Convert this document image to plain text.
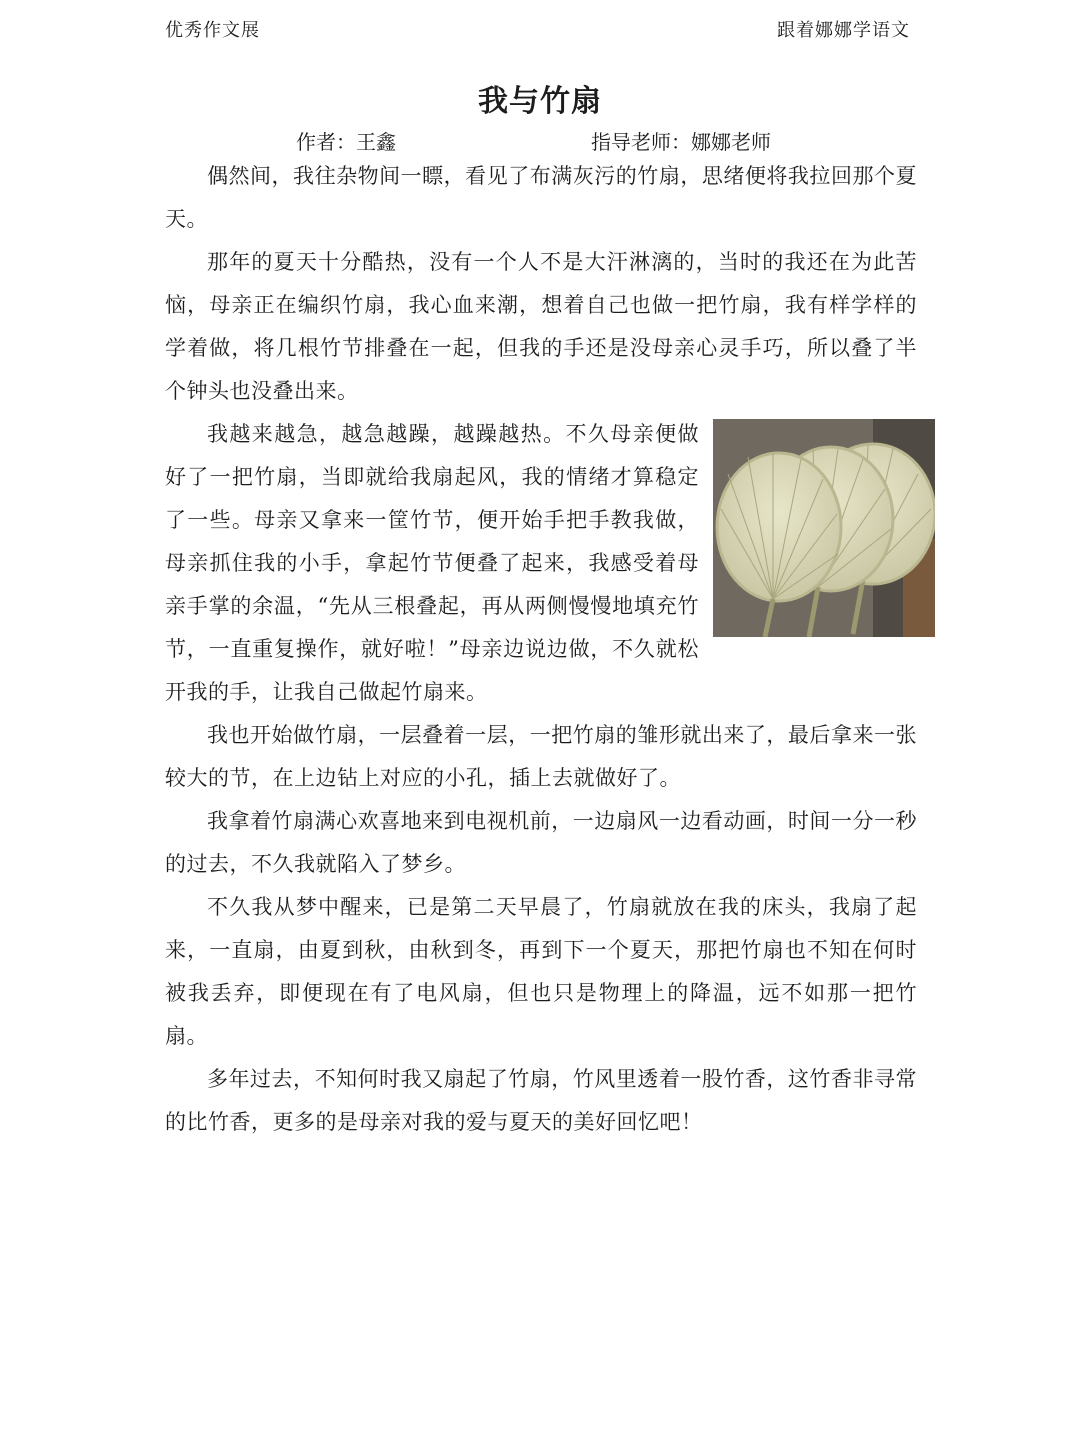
优秀作文展	跟着娜娜学语文
我与竹扇
作者：王鑫	指导老师：娜娜老师

偶然间，我往杂物间一瞟，看见了布满灰污的竹扇，思绪便将我拉回那个夏天。

那年的夏天十分酷热，没有一个人不是大汗淋漓的，当时的我还在为此苦恼，母亲正在编织竹扇，我心血来潮，想着自己也做一把竹扇，我有样学样的学着做，将几根竹节排叠在一起，但我的手还是没母亲心灵手巧，所以叠了半个钟头也没叠出来。

我越来越急，越急越躁，越躁越热。不久母亲便做好了一把竹扇，当即就给我扇起风，我的情绪才算稳定了一些。母亲又拿来一筐竹节，便开始手把手教我做，母亲抓住我的小手，拿起竹节便叠了起来，我感受着母亲手掌的余温，“先从三根叠起，再从两侧慢慢地填充竹节，一直重复操作，就好啦！”母亲边说边做，不久就松开我的手，让我自己做起竹扇来。

我也开始做竹扇，一层叠着一层，一把竹扇的雏形就出来了，最后拿来一张较大的节，在上边钻上对应的小孔，插上去就做好了。

我拿着竹扇满心欢喜地来到电视机前，一边扇风一边看动画，时间一分一秒的过去，不久我就陷入了梦乡。

不久我从梦中醒来，已是第二天早晨了，竹扇就放在我的床头，我扇了起来，一直扇，由夏到秋，由秋到冬，再到下一个夏天，那把竹扇也不知在何时被我丢弃，即便现在有了电风扇，但也只是物理上的降温，远不如那一把竹扇。

多年过去，不知何时我又扇起了竹扇，竹风里透着一股竹香，这竹香非寻常的比竹香，更多的是母亲对我的爱与夏天的美好回忆吧！
